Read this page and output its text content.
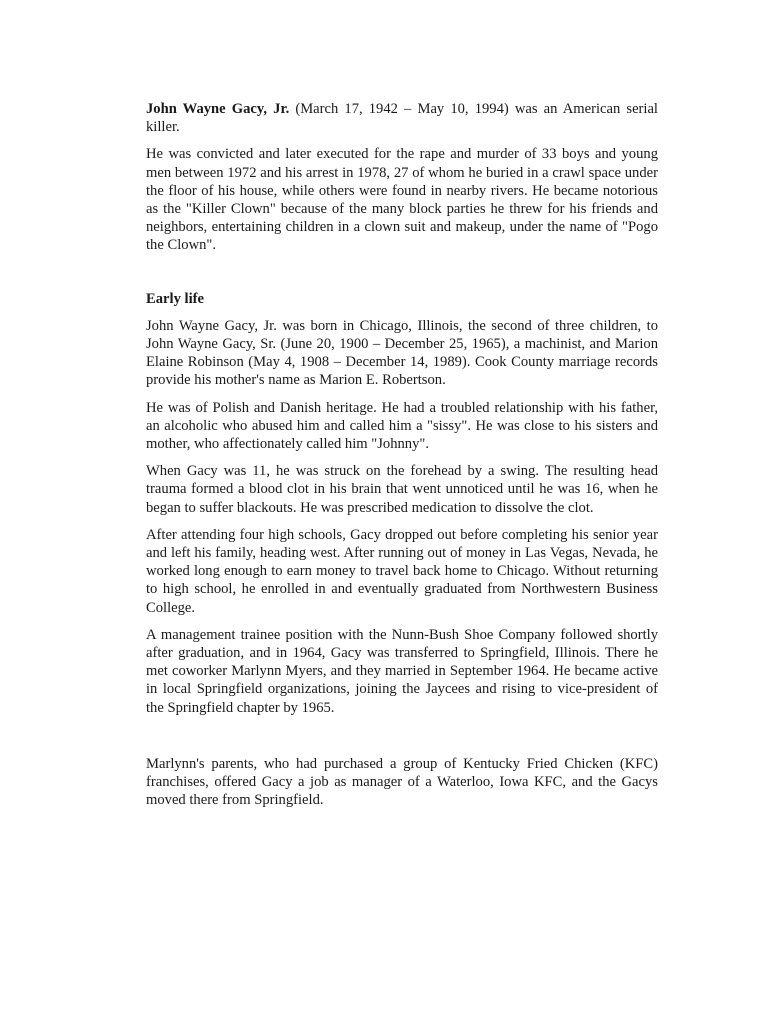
John Wayne Gacy, Jr. (March 17, 1942 – May 10, 1994) was an American serial killer.

He was convicted and later executed for the rape and murder of 33 boys and young men between 1972 and his arrest in 1978, 27 of whom he buried in a crawl space under the floor of his house, while others were found in nearby rivers. He became notorious as the "Killer Clown" because of the many block parties he threw for his friends and neighbors, entertaining children in a clown suit and makeup, under the name of "Pogo the Clown".

Early life

John Wayne Gacy, Jr. was born in Chicago, Illinois, the second of three children, to John Wayne Gacy, Sr. (June 20, 1900 – December 25, 1965), a machinist, and Marion Elaine Robinson (May 4, 1908 – December 14, 1989). Cook County marriage records provide his mother's name as Marion E. Robertson.

He was of Polish and Danish heritage. He had a troubled relationship with his father, an alcoholic who abused him and called him a "sissy". He was close to his sisters and mother, who affectionately called him "Johnny".

When Gacy was 11, he was struck on the forehead by a swing. The resulting head trauma formed a blood clot in his brain that went unnoticed until he was 16, when he began to suffer blackouts. He was prescribed medication to dissolve the clot.

After attending four high schools, Gacy dropped out before completing his senior year and left his family, heading west. After running out of money in Las Vegas, Nevada, he worked long enough to earn money to travel back home to Chicago. Without returning to high school, he enrolled in and eventually graduated from Northwestern Business College.

A management trainee position with the Nunn-Bush Shoe Company followed shortly after graduation, and in 1964, Gacy was transferred to Springfield, Illinois. There he met coworker Marlynn Myers, and they married in September 1964. He became active in local Springfield organizations, joining the Jaycees and rising to vice-president of the Springfield chapter by 1965.

Marlynn's parents, who had purchased a group of Kentucky Fried Chicken (KFC) franchises, offered Gacy a job as manager of a Waterloo, Iowa KFC, and the Gacys moved there from Springfield.
